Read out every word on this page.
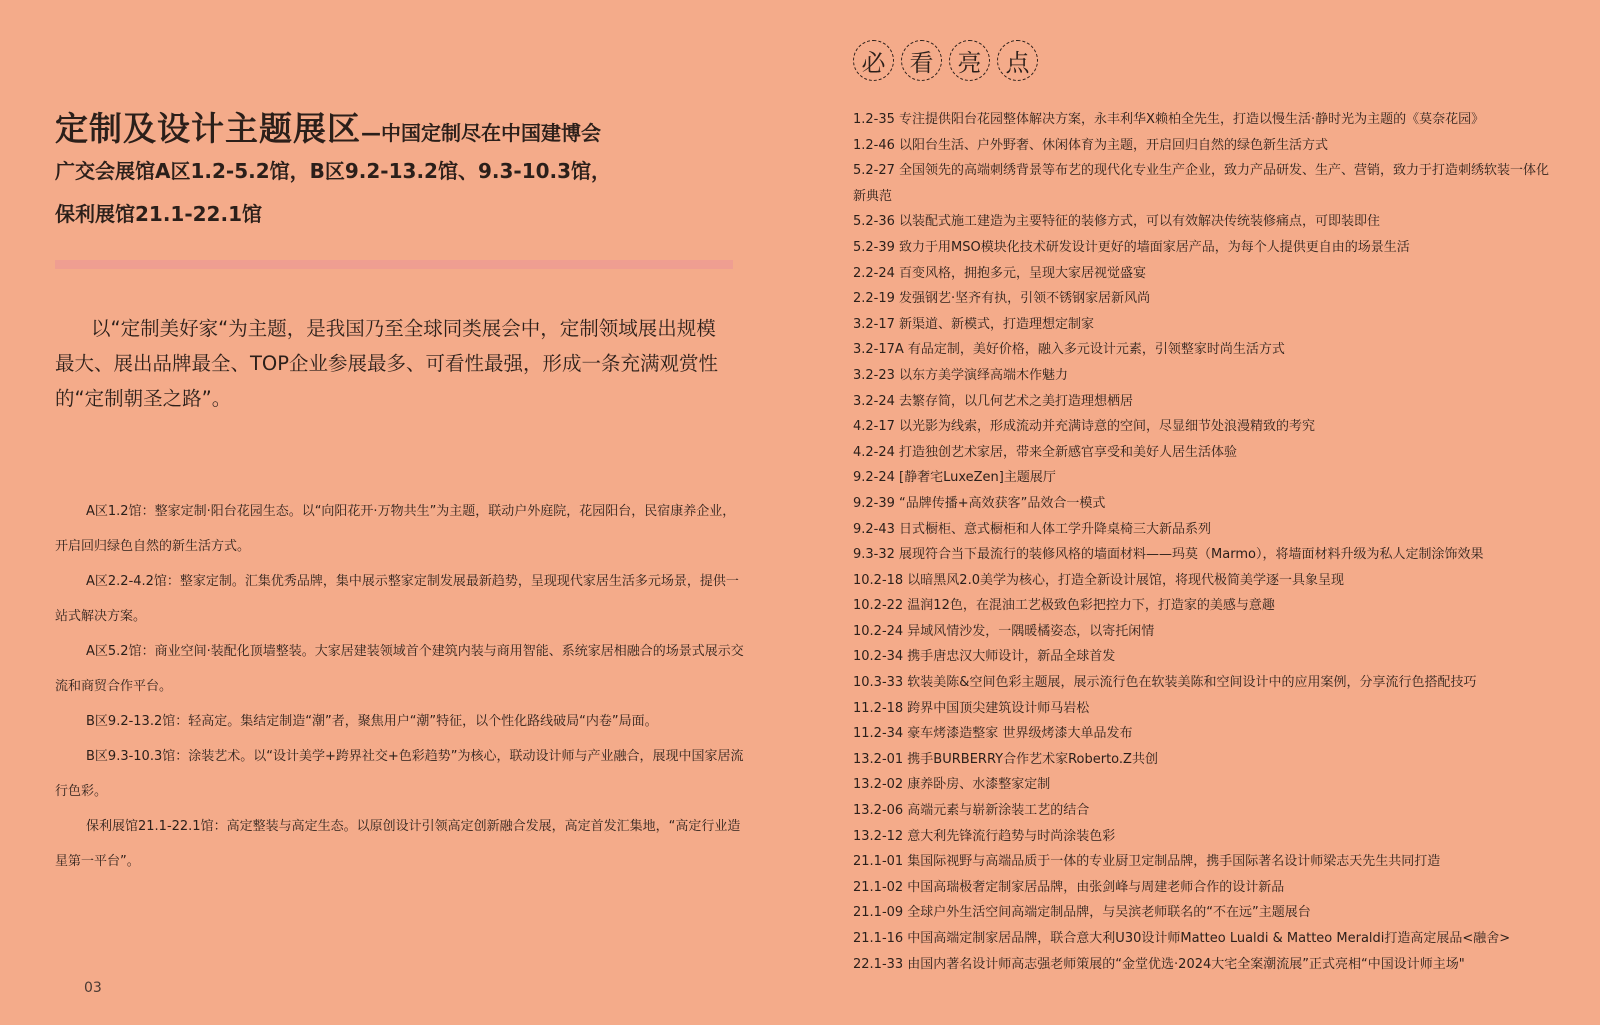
定制及设计主题展区—中国定制尽在中国建博会
广交会展馆A区1.2-5.2馆，B区9.2-13.2馆、9.3-10.3馆，
保利展馆21.1-22.1馆

以“定制美好家“为主题，是我国乃至全球同类展会中，定制领域展出规模最大、展出品牌最全、TOP企业参展最多、可看性最强，形成一条充满观赏性的“定制朝圣之路”。

A区1.2馆：整家定制·阳台花园生态。以“向阳花开·万物共生”为主题，联动户外庭院，花园阳台，民宿康养企业，开启回归绿色自然的新生活方式。

A区2.2-4.2馆：整家定制。汇集优秀品牌，集中展示整家定制发展最新趋势，呈现现代家居生活多元场景，提供一站式解决方案。

A区5.2馆：商业空间·装配化顶墙整装。大家居建装领域首个建筑内装与商用智能、系统家居相融合的场景式展示交流和商贸合作平台。

B区9.2-13.2馆：轻高定。集结定制造“潮”者，聚焦用户“潮”特征，以个性化路线破局“内卷”局面。

B区9.3-10.3馆：涂装艺术。以“设计美学+跨界社交+色彩趋势”为核心，联动设计师与产业融合，展现中国家居流行色彩。

保利展馆21.1-22.1馆：高定整装与高定生态。以原创设计引领高定创新融合发展，高定首发汇集地，“高定行业造星第一平台”。

03
必	看	亮	点
1.2-35 专注提供阳台花园整体解决方案，永丰利华X赖柏全先生，打造以慢生活·静时光为主题的《莫奈花园》
1.2-46 以阳台生活、户外野奢、休闲体育为主题，开启回归自然的绿色新生活方式
5.2-27 全国领先的高端刺绣背景等布艺的现代化专业生产企业，致力产品研发、生产、营销，致力于打造刺绣软装一体化新典范
5.2-36 以装配式施工建造为主要特征的装修方式，可以有效解决传统装修痛点，可即装即住
5.2-39 致力于用MSO模块化技术研发设计更好的墙面家居产品，为每个人提供更自由的场景生活
2.2-24 百变风格，拥抱多元，呈现大家居视觉盛宴
2.2-19 发强钢艺·坚齐有执，引领不锈钢家居新风尚
3.2-17 新渠道、新模式，打造理想定制家
3.2-17A 有品定制，美好价格，融入多元设计元素，引领整家时尚生活方式
3.2-23 以东方美学演绎高端木作魅力
3.2-24 去繁存简，以几何艺术之美打造理想栖居
4.2-17 以光影为线索，形成流动并充满诗意的空间，尽显细节处浪漫精致的考究
4.2-24 打造独创艺术家居，带来全新感官享受和美好人居生活体验
9.2-24 [静奢宅LuxeZen]主题展厅
9.2-39 “品牌传播+高效获客”品效合一模式
9.2-43 日式橱柜、意式橱柜和人体工学升降桌椅三大新品系列
9.3-32 展现符合当下最流行的装修风格的墙面材料——玛莫（Marmo），将墙面材料升级为私人定制涂饰效果
10.2-18 以暗黑风2.0美学为核心，打造全新设计展馆，将现代极简美学逐一具象呈现
10.2-22 温润12色，在混油工艺极致色彩把控力下，打造家的美感与意趣
10.2-24 异域风情沙发，一隅暖橘姿态，以寄托闲情
10.2-34 携手唐忠汉大师设计，新品全球首发
10.3-33 软装美陈&空间色彩主题展，展示流行色在软装美陈和空间设计中的应用案例，分享流行色搭配技巧
11.2-18 跨界中国顶尖建筑设计师马岩松
11.2-34 豪车烤漆造整家 世界级烤漆大单品发布
13.2-01 携手BURBERRY合作艺术家Roberto.Z共创
13.2-02 康养卧房、水漆整家定制
13.2-06 高端元素与崭新涂装工艺的结合
13.2-12 意大利先锋流行趋势与时尚涂装色彩
21.1-01 集国际视野与高端品质于一体的专业厨卫定制品牌，携手国际著名设计师梁志天先生共同打造
21.1-02 中国高瑞极奢定制家居品牌，由张剑峰与周建老师合作的设计新品
21.1-09 全球户外生活空间高端定制品牌，与吴滨老师联名的“不在远”主题展台
21.1-16 中国高端定制家居品牌，联合意大利U30设计师Matteo Lualdi & Matteo Meraldi打造高定展品<融舍>
22.1-33 由国内著名设计师高志强老师策展的“金堂优选·2024大宅全案潮流展”正式亮相“中国设计师主场"
